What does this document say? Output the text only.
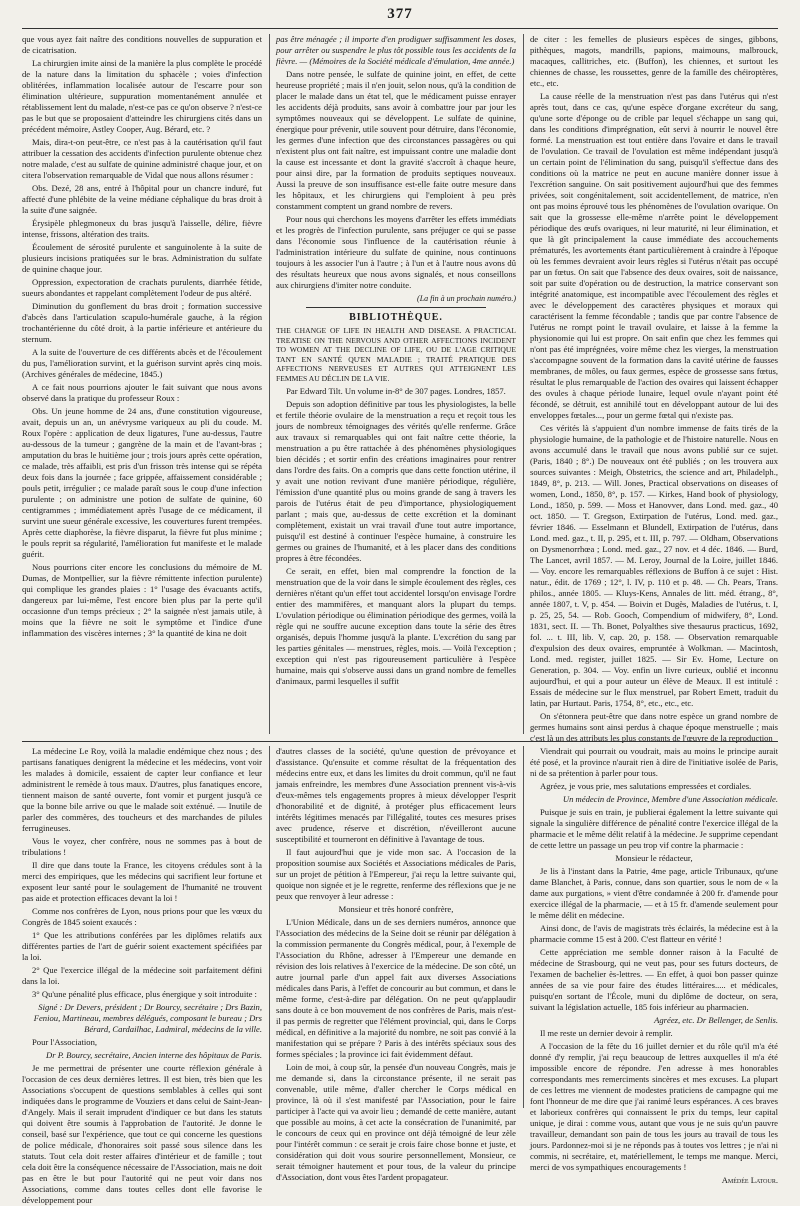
377

que vous ayez fait naître des conditions nouvelles de suppuration et de cicatrisation.

La chirurgien imite ainsi de la manière la plus complète le procédé de la nature dans la limitation du sphacèle ; voies d'infection oblitérées, inflammation localisée autour de l'escarre pour son élimination ultérieure, suppuration momentanément annulée et rétablissement lent du malade, n'est-ce pas ce qu'on observe ? n'est-ce pas le but que se proposaient d'atteindre les chirurgiens cités dans un précédent mémoire, Astley Cooper, Aug. Bérard, etc. ?

Mais, dira-t-on peut-être, ce n'est pas à la cautérisation qu'il faut attribuer la cessation des accidents d'infection purulente obtenue chez notre malade, c'est au sulfate de quinine administré chaque jour, et on citera l'observation remarquable de Vidal que nous allons résumer :

Obs. Dezé, 28 ans, entré à l'hôpital pour un chancre induré, fut affecté d'une phlébite de la veine médiane céphalique du bras droit à la suite d'une saignée.

Érysipèle phlegmoneux du bras jusqu'à l'aisselle, délire, fièvre intense, frissons, altération des traits.

Écoulement de sérosité purulente et sanguinolente à la suite de plusieurs incisions pratiquées sur le bras. Administration du sulfate de quinine chaque jour.

Oppression, expectoration de crachats purulents, diarrhée fétide, sueurs abondantes et rappelant complètement l'odeur de pus altéré.

Diminution du gonflement du bras droit ; formation successive d'abcès dans l'articulation scapulo-humérale gauche, à la région trochantérienne du côté droit, à la partie inférieure et antérieure du sternum.

A la suite de l'ouverture de ces différents abcès et de l'écoulement du pus, l'amélioration survint, et la guérison survint après cinq mois. (Archives générales de médecine, 1845.)

A ce fait nous pourrions ajouter le fait suivant que nous avons observé dans la pratique du professeur Roux :

Obs. Un jeune homme de 24 ans, d'une constitution vigoureuse, avait, depuis un an, un anévrysme variqueux au pli du coude. M. Roux l'opère : application de deux ligatures, l'une au-dessus, l'autre au-dessous de la tumeur ; gangrène de la main et de l'avant-bras ; amputation du bras le huitième jour ; trois jours après cette opération, ce malade, très affaibli, est pris d'un frisson très intense qui se répéta deux fois dans la journée ; face grippée, affaissement considérable ; pouls petit, irrégulier ; ce malade paraît sous le coup d'une infection purulente ; on administre une potion de sulfate de quinine, 60 centigrammes ; immédiatement après l'usage de ce médicament, il survint une sueur générale excessive, les couvertures furent trempées. Après cette diaphorèse, la fièvre disparut, la fièvre fut plus minime ; le pouls reprit sa régularité, l'amélioration fut manifeste et le malade guérit.

Nous pourrions citer encore les conclusions du mémoire de M. Dumas, de Montpellier, sur la fièvre rémittente infection purulente) qui complique les grandes plaies : 1° l'usage des évacuants actifs, dangereux par lui-même, l'est encore bien plus par la perte qu'il occasionne d'un temps précieux ; 2° la saignée n'est jamais utile, à moins que la fièvre ne soit le symptôme et l'indice d'une inflammation des viscères internes ; 3° la quantité de kina ne doit

pas être ménagée ; il importe d'en prodiguer suffisamment les doses, pour arrêter ou suspendre le plus tôt possible tous les accidents de la fièvre. — (Mémoires de la Société médicale d'émulation, 4me année.)

Dans notre pensée, le sulfate de quinine joint, en effet, de cette heureuse propriété ; mais il n'en jouit, selon nous, qu'à la condition de placer le malade dans un état tel, que le médicament puisse enrayer les accidents déjà produits, sans avoir à combattre jour par jour les symptômes nouveaux qui se développent. Le sulfate de quinine, énergique pour prévenir, utile souvent pour détruire, dans l'économie, les germes d'une infection que des circonstances passagères ou qui n'existent plus ont fait naître, est impuissant contre une maladie dont la cause est incessante et dont la gravité s'accroît à chaque heure, pour ainsi dire, par la formation de produits septiques nouveaux. Aussi la preuve de son insuffisance est-elle faite outre mesure dans les hôpitaux, et les chirurgiens qui l'emploient à peu près constamment comptent un grand nombre de revers.

Pour nous qui cherchons les moyens d'arrêter les effets immédiats et les progrès de l'infection purulente, sans préjuger ce qui se passe dans l'économie sous l'influence de la cautérisation réunie à l'administration intérieure du sulfate de quinine, nous continuons toujours à les associer l'un à l'autre ; à l'un et à l'autre nous avons dû des résultats heureux que nous avons signalés, et nous conseillons aux chirurgiens d'imiter notre conduite.

(La fin à un prochain numéro.)

BIBLIOTHÈQUE.

THE CHANGE OF LIFE IN HEALTH AND DISEASE. A PRACTICAL TREATISE ON THE NERVOUS AND OTHER AFFECTIONS INCIDENT TO WOMEN AT THE DECLINE OF LIFE, OU DE L'AGE CRITIQUE TANT EN SANTÉ QU'EN MALADIE ; TRAITÉ PRATIQUE DES AFFECTIONS NERVEUSES ET AUTRES QUI ATTEIGNENT LES FEMMES AU DÉCLIN DE LA VIE.

Par Edward Tilt. Un volume in-8° de 307 pages. Londres, 1857.

Depuis son adoption définitive par tous les physiologistes, la belle et fertile théorie ovulaire de la menstruation a reçu et reçoit tous les jours de nombreux témoignages des vérités qu'elle renferme. Grâce aux travaux si remarquables qui ont fait naître cette théorie, la menstruation a pu être rattachée à des phénomènes physiologiques bien décidés ; et sortir enfin des créations imaginaires pour rentrer dans l'ordre des faits. On a compris que dans cette fonction utérine, il y avait une notion revivant d'une manière périodique, régulière, l'émission d'une quantité plus ou moins grande de sang à travers les parois de l'utérus était de peu d'importance, physiologiquement parlant ; mais que, au-dessus de cette excrétion et la dominant complètement, existait un vrai travail d'une tout autre importance, puisqu'il est destiné à continuer l'espèce humaine, à construire les germes ou graines de l'humanité, et à les placer dans des conditions propres à être fécondées.

Ce serait, en effet, bien mal comprendre la fonction de la menstruation que de la voir dans le simple écoulement des règles, ces dernières n'étant qu'un effet tout accidentel lorsqu'on envisage l'ordre entier des mammifères, et manquant alors la plupart du temps. L'ovulation périodique ou élimination périodique des germes, voilà la règle qui ne souffre aucune exception dans toute la série des êtres organisés, depuis l'homme jusqu'à la plante. L'excrétion du sang par les parties génitales — menstrues, règles, mois. — Voilà l'exception ; exception qui n'est pas rigoureusement particulière à l'espèce humaine, mais qui s'observe aussi dans un grand nombre de femelles d'animaux, parmi lesquelles il suffit

de citer : les femelles de plusieurs espèces de singes, gibbons, pithèques, magots, mandrills, papions, maimouns, malbrouck, macaques, callitriches, etc. (Buffon), les chiennes, et surtout les chiennes de chasse, les roussettes, genre de la famille des chéiroptères, etc., etc.

La cause réelle de la menstruation n'est pas dans l'utérus qui n'est après tout, dans ce cas, qu'une espèce d'organe excréteur du sang, qu'une sorte d'éponge ou de crible par lequel s'échappe un sang qui, dans les conditions d'imprégnation, eût servi à nourrir le nouvel être formé. La menstruation est tout entière dans l'ovaire et dans le travail de l'ovulation. Ce travail de l'ovulation est même indépendant jusqu'à un certain point de l'élimination du sang, puisqu'il s'effectue dans des conditions où la matrice ne peut en aucune manière donner issue à l'excrétion sanguine. On sait positivement aujourd'hui que des femmes privées, soit congénitalement, soit accidentellement, de matrice, n'en ont pas moins éprouvé tous les phénomènes de l'ovulation ovarique. On sait que la grossesse elle-même n'arrête point le développement périodique des œufs ovariques, ni leur maturité, ni leur élimination, et que là gît principalement la cause immédiate des accouchements prématurés, les avortements étant particulièrement à craindre à l'époque où les femmes devraient avoir leurs règles si l'utérus n'était pas occupé par un fœtus. On sait que l'absence des deux ovaires, soit de naissance, soit par suite d'opération ou de destruction, la matrice conservant son intégrité anatomique, est incompatible avec l'écoulement des règles et avec le développement des caractères physiques et moraux qui caractérisent la femme fécondable ; tandis que par contre l'absence de l'utérus ne rompt point le travail ovulaire, et laisse à la femme la physionomie qui lui est propre. On sait enfin que chez les femmes qui n'ont pas été imprégnées, voire même chez les vierges, la menstruation s'accompagne souvent de la formation dans la cavité utérine de fausses membranes, de môles, ou faux germes, espèce de grossesse sans fœtus, résultat le plus remarquable de l'action des ovaires qui laissent échapper des ovules à chaque période lunaire, lequel ovule n'ayant point été fécondé, se détruit, est annihilé tout en développant autour de lui des enveloppes fœtales..., pour un germe fœtal qui n'existe pas.

Ces vérités là s'appuient d'un nombre immense de faits tirés de la physiologie humaine, de la pathologie et de l'histoire naturelle. Nous en avons accumulé dans le travail que nous avons publié sur ce sujet. (Paris, 1840 ; 8°.) De nouveaux ont été publiés ; on les trouvera aux sources suivantes : Meigh, Obstetrics, the science and art, Philadelph., 1849, 8°, p. 213. — Will. Jones, Practical observations on diseases of women, Lond., 1850, 8°, p. 157. — Kirkes, Hand book of physiology, Lond., 1850, p. 599. — Moss et Hanovver, dans Lond. med. gaz., 40 oct. 1850. — T. Gregson, Extirpation de l'utérus, Lond. med. gaz., février 1846. — Esselmann et Blundell, Extirpation de l'utérus, dans Lond. med. gaz., t. II, p. 295, et t. III, p. 797. — Oldham, Observations on Dysmenorrhœa ; Lond. med. gaz., 27 nov. et 4 déc. 1846. — Burd, The Lancet, avril 1857. — M. Leroy, Journal de la Loire, juillet 1846. — Voy. encore les remarquables réflexions de Buffon à ce sujet : Hist. natur., édit. de 1769 ; 12°, l. IV, p. 110 et p. 48. — Ch. Pears, Trans. philos., année 1805. — Kluys-Kens, Annales de litt. méd. étrang., 8°, année 1807, t. V, p. 454. — Boivin et Dugès, Maladies de l'utérus, t. I, p. 25, 25, 54. — Rob. Gooch, Compendium of midwifery, 8°, Lond. 1831, sect. II. — Th. Bonet, Polyalthes sive thesaurus practicus, 1692, fol. ... t. III, lib. V, cap. 20, p. 158. — Observation remarquable d'expulsion des deux ovaires, empruntée à Wolkman. — Macintosh, Lond. med. register, juillet 1825. — Sir Ev. Home, Lecture on Generation, p. 304. — Voy. enfin un livre curieux, oublié et inconnu aujourd'hui, et qui a pour auteur un élève de Meaux. Il est intitulé : Essais de médecine sur le flux menstruel, par Robert Emett, traduit du latin, par Hurtaut. Paris, 1754, 8°, etc., etc., etc.

On s'étonnera peut-être que dans notre espèce un grand nombre de germes humains sont ainsi perdus à chaque époque menstruelle ; mais c'est là un des attributs les plus constants de l'œuvre de la reproduction

La médecine Le Roy, voilà la maladie endémique chez nous ; des partisans fanatiques denigrent la médecine et les médecins, vont voir les malades à domicile, essaient de capter leur confiance et leur administrent le remède à tous maux. D'autres, plus fanatiques encore, tiennent maison de santé ouverte, font vomir et purgent jusqu'à ce que la bonne bile arrive ou que le malade soit exténué. — Inutile de parler des commères, des toucheurs et des marchandes de pilules ferrugineuses.

Vous le voyez, cher confrère, nous ne sommes pas à bout de tribulations !

Il dire que dans toute la France, les citoyens crédules sont à la merci des empiriques, que les médecins qui sacrifient leur fortune et exposent leur santé pour le soulagement de l'humanité ne trouvent pas aide et protection efficaces devant la loi !

Comme nos confrères de Lyon, nous prions pour que les vœux du Congrès de 1845 soient exaucés :

1° Que les attributions conférées par les diplômes relatifs aux différentes parties de l'art de guérir soient exactement spécifiées par la loi.

2° Que l'exercice illégal de la médecine soit parfaitement défini dans la loi.

3° Qu'une pénalité plus efficace, plus énergique y soit introduite :

Signé : Dr Devers, président ; Dr Bourcy, secrétaire ; Drs Bazin, Feniou, Martineau, membres délégués, composant le bureau ; Drs Bérard, Cardailhac, Ladmiral, médecins de la ville.

Pour l'Association,

Dr P. Bourcy, secrétaire, Ancien interne des hôpitaux de Paris.

Je me permettrai de présenter une courte réflexion générale à l'occasion de ces deux dernières lettres. Il est bien, très bien que les Associations s'occupent de questions semblables à celles qui sont indiquées dans le programme de Vouziers et dans celui de Saint-Jean-d'Angely. Mais il serait imprudent d'indiquer ce but dans les statuts qui doivent être soumis à l'approbation de l'autorité. Je donne le conseil, basé sur l'expérience, que tout ce qui concerne les questions de police médicale, d'honoraires soit passé sous silence dans les statuts. Tout cela doit rester affaires d'intérieur et de famille ; tout cela doit être la conséquence nécessaire de l'Association, mais ne doit pas en être le but pour l'autorité qui ne peut voir dans nos Associations, comme dans toutes celles dont elle favorise le développement pour

d'autres classes de la société, qu'une question de prévoyance et d'assistance. Qu'ensuite et comme résultat de la fréquentation des médecins entre eux, et dans les limites du droit commun, qu'il ne faut jamais enfreindre, les membres d'une Association prennent vis-à-vis d'eux-mêmes tels engagements propres à mieux développer l'esprit d'honorabilité et de dignité, à protéger plus efficacement leurs intérêts légitimes menacés par l'illégalité, toutes ces mesures prises avec prudence, réserve et discrétion, n'éveilleront aucune susceptibilité et tourneront en définitive à l'avantage de tous.

Il faut aujourd'hui que je vide mon sac. A l'occasion de la proposition soumise aux Sociétés et Associations médicales de Paris, sur un projet de pétition à l'Empereur, j'ai reçu la lettre suivante qui, quoique non signée et je le regrette, renferme des réflexions que je ne peux que renvoyer à leur adresse :

Monsieur et très honoré confrère,

L'Union Médicale, dans un de ses derniers numéros, annonce que l'Association des médecins de la Seine doit se réunir par délégation à la commission permanente du Congrès médical, pour, à l'exemple de l'Association du Rhône, adresser à l'Empereur une demande en révision des lois relatives à l'exercice de la médecine. De son côté, un autre journal parle d'un appel fait aux diverses Associations médicales dans Paris, à l'effet de concourir au but commun, et dans le même forme, c'est-à-dire par délégation. On ne peut qu'applaudir sans doute à ce bon mouvement de nos confrères de Paris, mais n'est-il pas permis de regretter que l'élément provincial, qui, dans le Corps médical, en définitive a la majorité du nombre, ne soit pas convié à la manifestation qui se prépare ? Paris à des intérêts spéciaux sous des formes spéciales ; la province ici fait évidemment défaut.

Loin de moi, à coup sûr, la pensée d'un nouveau Congrès, mais je me demande si, dans la circonstance présente, il ne serait pas convenable, utile même, d'aller chercher le Corps médical en province, là où il s'est manifesté par l'Association, pour le faire participer à l'acte qui va avoir lieu ; demandé de cette manière, autant que possible au moins, à cet acte la consécration de l'unanimité, par le concours de ceux qui en province ont déjà témoigné de leur zèle pour l'intérêt commun : ce serait je crois faire chose bonne et juste, et considération qui doit vous sourire personnellement, Monsieur, ce serait témoigner hautement et pour tous, de la valeur du principe d'Association, dont vous êtes l'ardent propagateur.

Viendrait qui pourrait ou voudrait, mais au moins le principe aurait été posé, et la province n'aurait rien à dire de l'initiative isolée de Paris, ni de sa prétention à parler pour tous.

Agréez, je vous prie, mes salutations empressées et cordiales.

Un médecin de Province, Membre d'une Association médicale.

Puisque je suis en train, je publierai également la lettre suivante qui signale la singulière différence de pénalité contre l'exercice illégal de la pharmacie et le même délit relatif à la médecine. Je supprime cependant de cette lettre un passage un peu trop vif contre la pharmacie :

Monsieur le rédacteur,

Je lis à l'instant dans la Patrie, 4me page, article Tribunaux, qu'une dame Blanchet, à Paris, connue, dans son quartier, sous le nom de « la dame aux purgations, » vient d'être condamnée à 200 fr. d'amende pour exercice illégal de la pharmacie, — et à 15 fr. d'amende seulement pour le même délit en médecine.

Ainsi donc, de l'avis de magistrats très éclairés, la médecine est à la pharmacie comme 15 est à 200. C'est flatteur en vérité !

Cette appréciation me semble donner raison à la Faculté de médecine de Strasbourg, qui ne veut pas, pour ses futurs docteurs, de l'examen de bachelier ès-lettres. — En effet, à quoi bon passer quinze années de sa vie pour faire des études littéraires..... et médicales, puisqu'en sortant de l'École, muni du diplôme de docteur, on sera, suivant la législation actuelle, 185 fois inférieur au pharmacien.

Agréez, etc. Dr Bellenger, de Senlis.

Il me reste un dernier devoir à remplir.

A l'occasion de la fête du 16 juillet dernier et du rôle qu'il m'a été donné d'y remplir, j'ai reçu beaucoup de lettres auxquelles il m'a été impossible encore de répondre. J'en adresse à mes honorables correspondants mes remerciments sincères et mes excuses. La plupart de ces lettres me viennent de modestes praticiens de campagne qui me font l'honneur de me dire que j'ai ranimé leurs espérances. A ces braves et laborieux confrères qui connaissent le prix du temps, leur capital unique, je dirai : comme vous, autant que vous je ne suis qu'un pauvre travailleur, demandant son pain de tous les jours au travail de tous les jours. Pardonnez-moi si je ne réponds pas à toutes vos lettres ; je n'ai ni commis, ni secrétaire, et, matériellement, le temps me manque. Merci, merci de vos sympathiques encouragements !

Amédée Latour.
